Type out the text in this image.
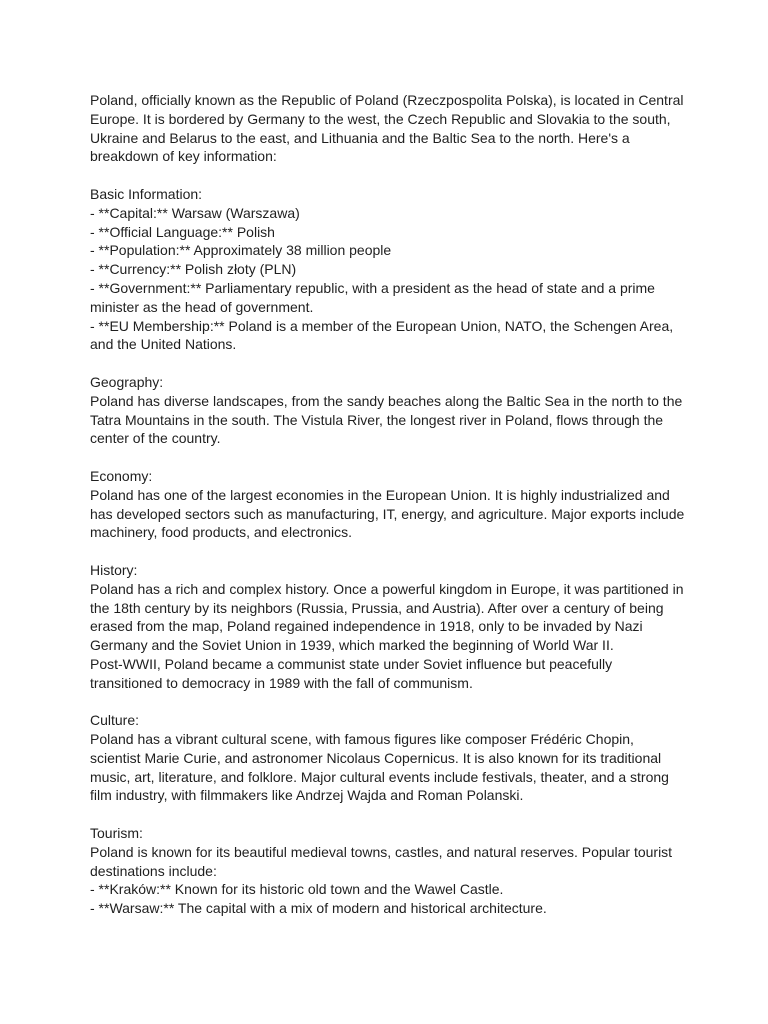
Poland, officially known as the Republic of Poland (Rzeczpospolita Polska), is located in Central
Europe. It is bordered by Germany to the west, the Czech Republic and Slovakia to the south,
Ukraine and Belarus to the east, and Lithuania and the Baltic Sea to the north. Here's a
breakdown of key information:
Basic Information:
- **Capital:** Warsaw (Warszawa)
- **Official Language:** Polish
- **Population:** Approximately 38 million people
- **Currency:** Polish złoty (PLN)
- **Government:** Parliamentary republic, with a president as the head of state and a prime
minister as the head of government.
- **EU Membership:** Poland is a member of the European Union, NATO, the Schengen Area,
and the United Nations.
Geography:
Poland has diverse landscapes, from the sandy beaches along the Baltic Sea in the north to the
Tatra Mountains in the south. The Vistula River, the longest river in Poland, flows through the
center of the country.
Economy:
Poland has one of the largest economies in the European Union. It is highly industrialized and
has developed sectors such as manufacturing, IT, energy, and agriculture. Major exports include
machinery, food products, and electronics.
History:
Poland has a rich and complex history. Once a powerful kingdom in Europe, it was partitioned in
the 18th century by its neighbors (Russia, Prussia, and Austria). After over a century of being
erased from the map, Poland regained independence in 1918, only to be invaded by Nazi
Germany and the Soviet Union in 1939, which marked the beginning of World War II.
Post-WWII, Poland became a communist state under Soviet influence but peacefully
transitioned to democracy in 1989 with the fall of communism.
Culture:
Poland has a vibrant cultural scene, with famous figures like composer Frédéric Chopin,
scientist Marie Curie, and astronomer Nicolaus Copernicus. It is also known for its traditional
music, art, literature, and folklore. Major cultural events include festivals, theater, and a strong
film industry, with filmmakers like Andrzej Wajda and Roman Polanski.
Tourism:
Poland is known for its beautiful medieval towns, castles, and natural reserves. Popular tourist
destinations include:
- **Kraków:** Known for its historic old town and the Wawel Castle.
- **Warsaw:** The capital with a mix of modern and historical architecture.
